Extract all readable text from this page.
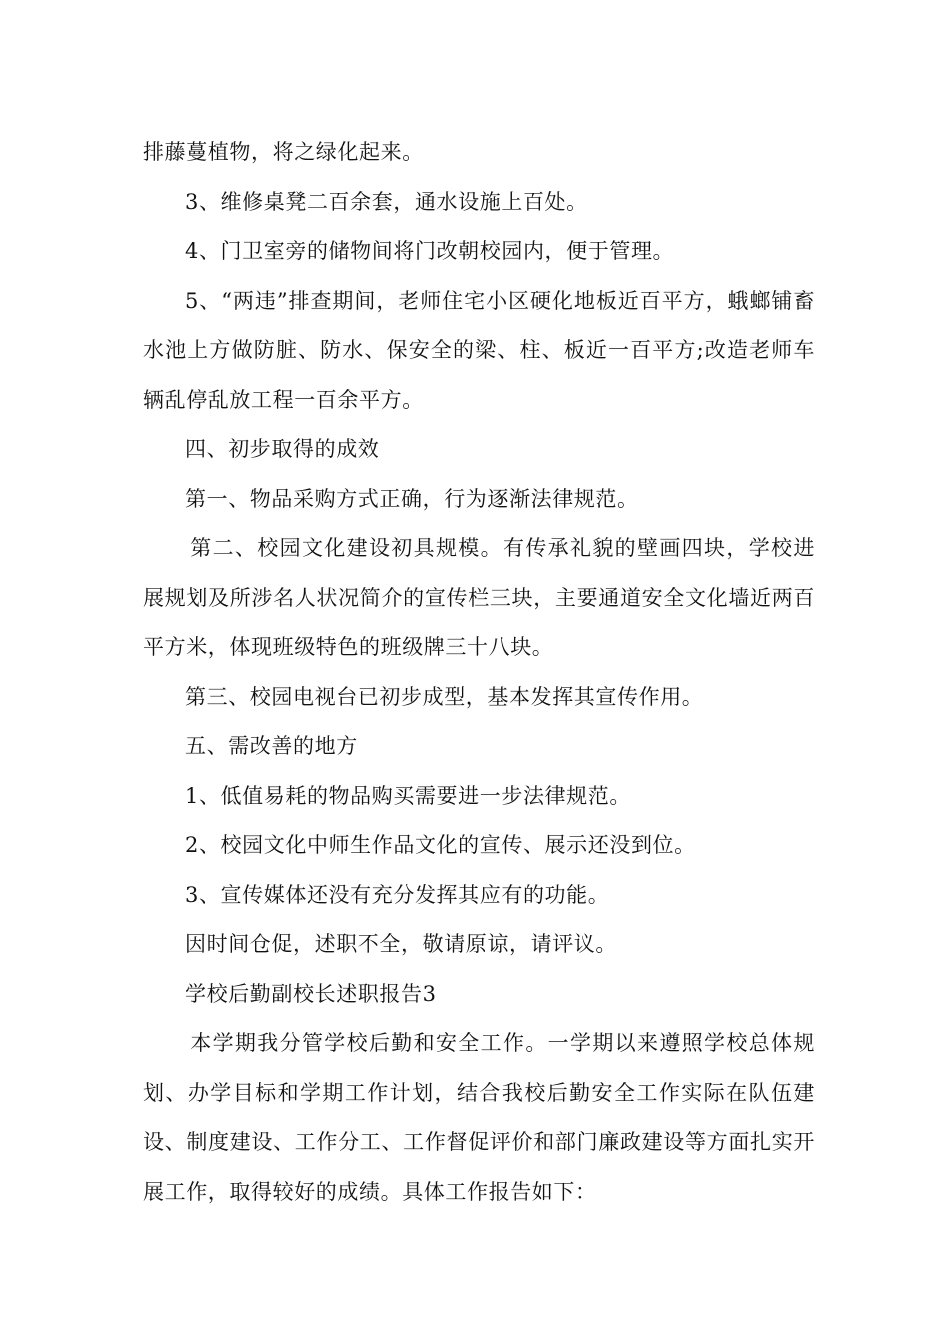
排藤蔓植物，将之绿化起来。

3、维修桌凳二百余套，通水设施上百处。

4、门卫室旁的储物间将门改朝校园内，便于管理。

5、“两违”排查期间，老师住宅小区硬化地板近百平方，蛾螂铺畜水池上方做防脏、防水、保安全的梁、柱、板近一百平方;改造老师车辆乱停乱放工程一百余平方。

四、初步取得的成效

第一、物品采购方式正确，行为逐渐法律规范。

第二、校园文化建设初具规模。有传承礼貌的壁画四块，学校进展规划及所涉名人状况简介的宣传栏三块，主要通道安全文化墙近两百平方米，体现班级特色的班级牌三十八块。

第三、校园电视台已初步成型，基本发挥其宣传作用。

五、需改善的地方

1、低值易耗的物品购买需要进一步法律规范。

2、校园文化中师生作品文化的宣传、展示还没到位。

3、宣传媒体还没有充分发挥其应有的功能。

因时间仓促，述职不全，敬请原谅，请评议。

学校后勤副校长述职报告3

本学期我分管学校后勤和安全工作。一学期以来遵照学校总体规划、办学目标和学期工作计划，结合我校后勤安全工作实际在队伍建设、制度建设、工作分工、工作督促评价和部门廉政建设等方面扎实开展工作，取得较好的成绩。具体工作报告如下：
